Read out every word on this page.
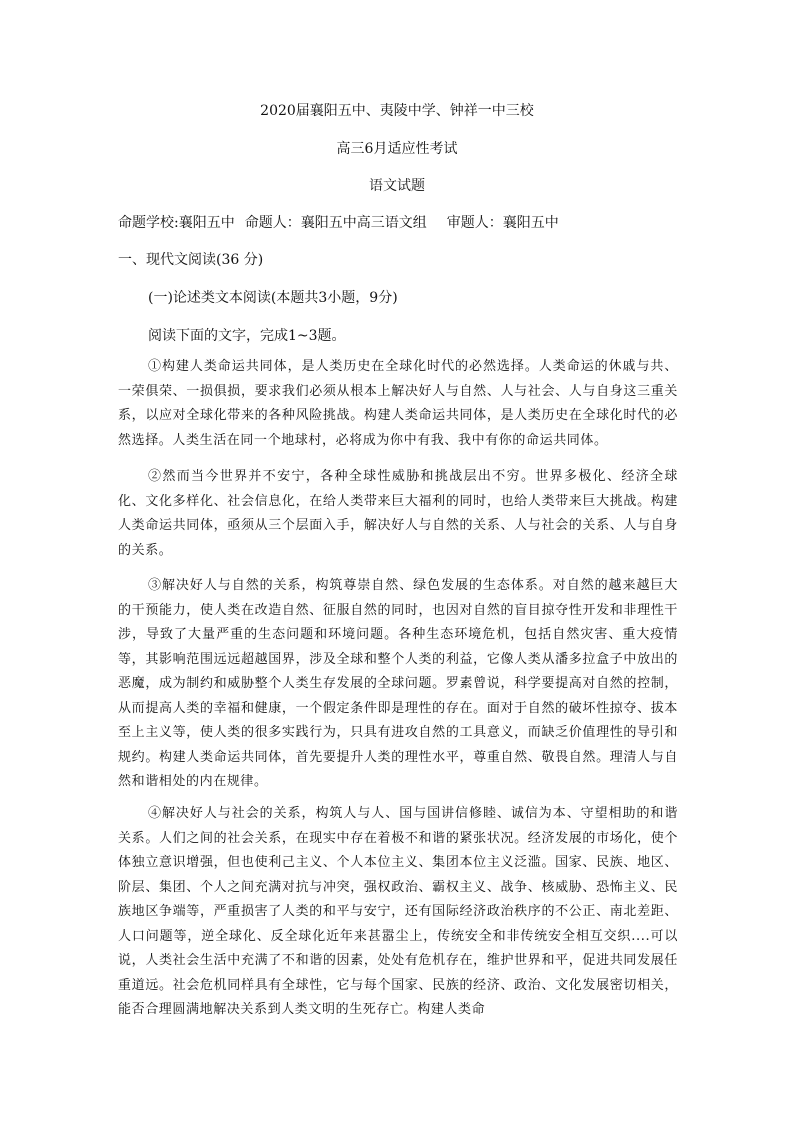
2020届襄阳五中、夷陵中学、钟祥一中三校
高三6月适应性考试
语文试题
命题学校:襄阳五中 命题人：襄阳五中高三语文组 审题人：襄阳五中
一、现代文阅读(36 分)
(一)论述类文本阅读(本题共3小题，9分)
阅读下面的文字，完成1~3题。

①构建人类命运共同体，是人类历史在全球化时代的必然选择。人类命运的休戚与共、一荣俱荣、一损俱损，要求我们必须从根本上解决好人与自然、人与社会、人与自身这三重关系，以应对全球化带来的各种风险挑战。构建人类命运共同体，是人类历史在全球化时代的必然选择。人类生活在同一个地球村，必将成为你中有我、我中有你的命运共同体。

②然而当今世界并不安宁，各种全球性威胁和挑战层出不穷。世界多极化、经济全球化、文化多样化、社会信息化，在给人类带来巨大福利的同时，也给人类带来巨大挑战。构建人类命运共同体，亟须从三个层面入手，解决好人与自然的关系、人与社会的关系、人与自身的关系。

③解决好人与自然的关系，构筑尊崇自然、绿色发展的生态体系。对自然的越来越巨大的干预能力，使人类在改造自然、征服自然的同时，也因对自然的盲目掠夺性开发和非理性干涉，导致了大量严重的生态问题和环境问题。各种生态环境危机，包括自然灾害、重大疫情等，其影响范围远远超越国界，涉及全球和整个人类的利益，它像人类从潘多拉盒子中放出的恶魔，成为制约和威胁整个人类生存发展的全球问题。罗素曾说，科学要提高对自然的控制，从而提高人类的幸福和健康，一个假定条件即是理性的存在。面对于自然的破坏性掠夺、拔本至上主义等，使人类的很多实践行为，只具有进攻自然的工具意义，而缺乏价值理性的导引和规约。构建人类命运共同体，首先要提升人类的理性水平，尊重自然、敬畏自然。理清人与自然和谐相处的内在规律。

④解决好人与社会的关系，构筑人与人、国与国讲信修睦、诚信为本、守望相助的和谐关系。人们之间的社会关系，在现实中存在着极不和谐的紧张状况。经济发展的市场化，使个体独立意识增强，但也使利己主义、个人本位主义、集团本位主义泛滥。国家、民族、地区、阶层、集团、个人之间充满对抗与冲突，强权政治、霸权主义、战争、核威胁、恐怖主义、民族地区争端等，严重损害了人类的和平与安宁，还有国际经济政治秩序的不公正、南北差距、人口问题等，逆全球化、反全球化近年来甚嚣尘上，传统安全和非传统安全相互交织....可以说，人类社会生活中充满了不和谐的因素，处处有危机存在，维护世界和平，促进共同发展任重道远。社会危机同样具有全球性，它与每个国家、民族的经济、政治、文化发展密切相关，能否合理圆满地解决关系到人类文明的生死存亡。构建人类命
